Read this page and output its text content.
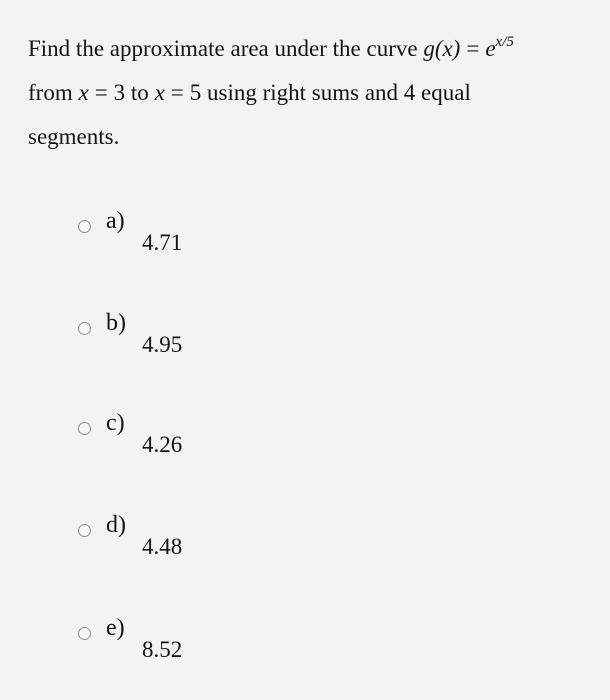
Find the approximate area under the curve $g(x) = e^{x/5}$
from x = 3 to x = 5 using right sums and 4 equal
segments.
a)
4.71
b)
4.95
c)
4.26
d)
4.48
e)
8.52
